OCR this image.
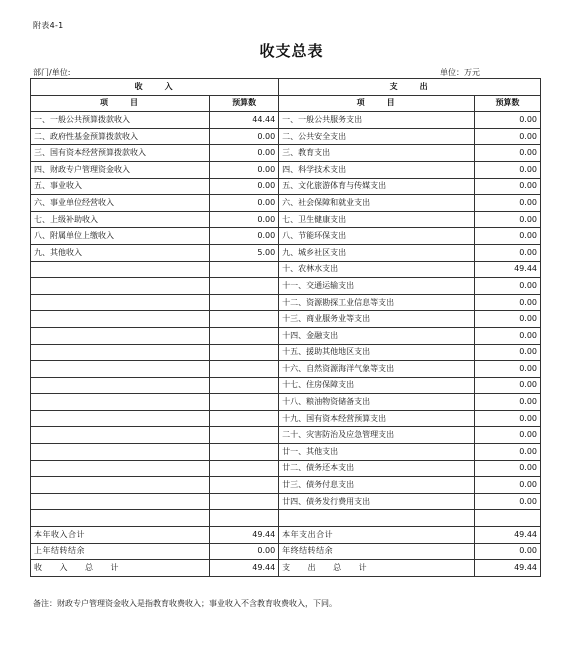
附表4-1
收支总表
部门/单位:	单位：万元
收　　入		支　　出	
项　　目	预算数	项　　目	预算数
一、一般公共预算拨款收入	44.44	一、一般公共服务支出	0.00
二、政府性基金预算拨款收入	0.00	二、公共安全支出	0.00
三、国有资本经营预算拨款收入	0.00	三、教育支出	0.00
四、财政专户管理资金收入	0.00	四、科学技术支出	0.00
五、事业收入	0.00	五、文化旅游体育与传媒支出	0.00
六、事业单位经营收入	0.00	六、社会保障和就业支出	0.00
七、上级补助收入	0.00	七、卫生健康支出	0.00
八、附属单位上缴收入	0.00	八、节能环保支出	0.00
九、其他收入	5.00	九、城乡社区支出	0.00
		十、农林水支出	49.44
		十一、交通运输支出	0.00
		十二、资源勘探工业信息等支出	0.00
		十三、商业服务业等支出	0.00
		十四、金融支出	0.00
		十五、援助其他地区支出	0.00
		十六、自然资源海洋气象等支出	0.00
		十七、住房保障支出	0.00
		十八、粮油物资储备支出	0.00
		十九、国有资本经营预算支出	0.00
		二十、灾害防治及应急管理支出	0.00
		廿一、其他支出	0.00
		廿二、债务还本支出	0.00
		廿三、债务付息支出	0.00
		廿四、债务发行费用支出	0.00

本年收入合计	49.44	本年支出合计	49.44
上年结转结余	0.00	年终结转结余	0.00
收　　入　　总　　计	49.44	支　　出　　总　　计	49.44
备注：财政专户管理资金收入是指教育收费收入；事业收入不含教育收费收入，下同。
